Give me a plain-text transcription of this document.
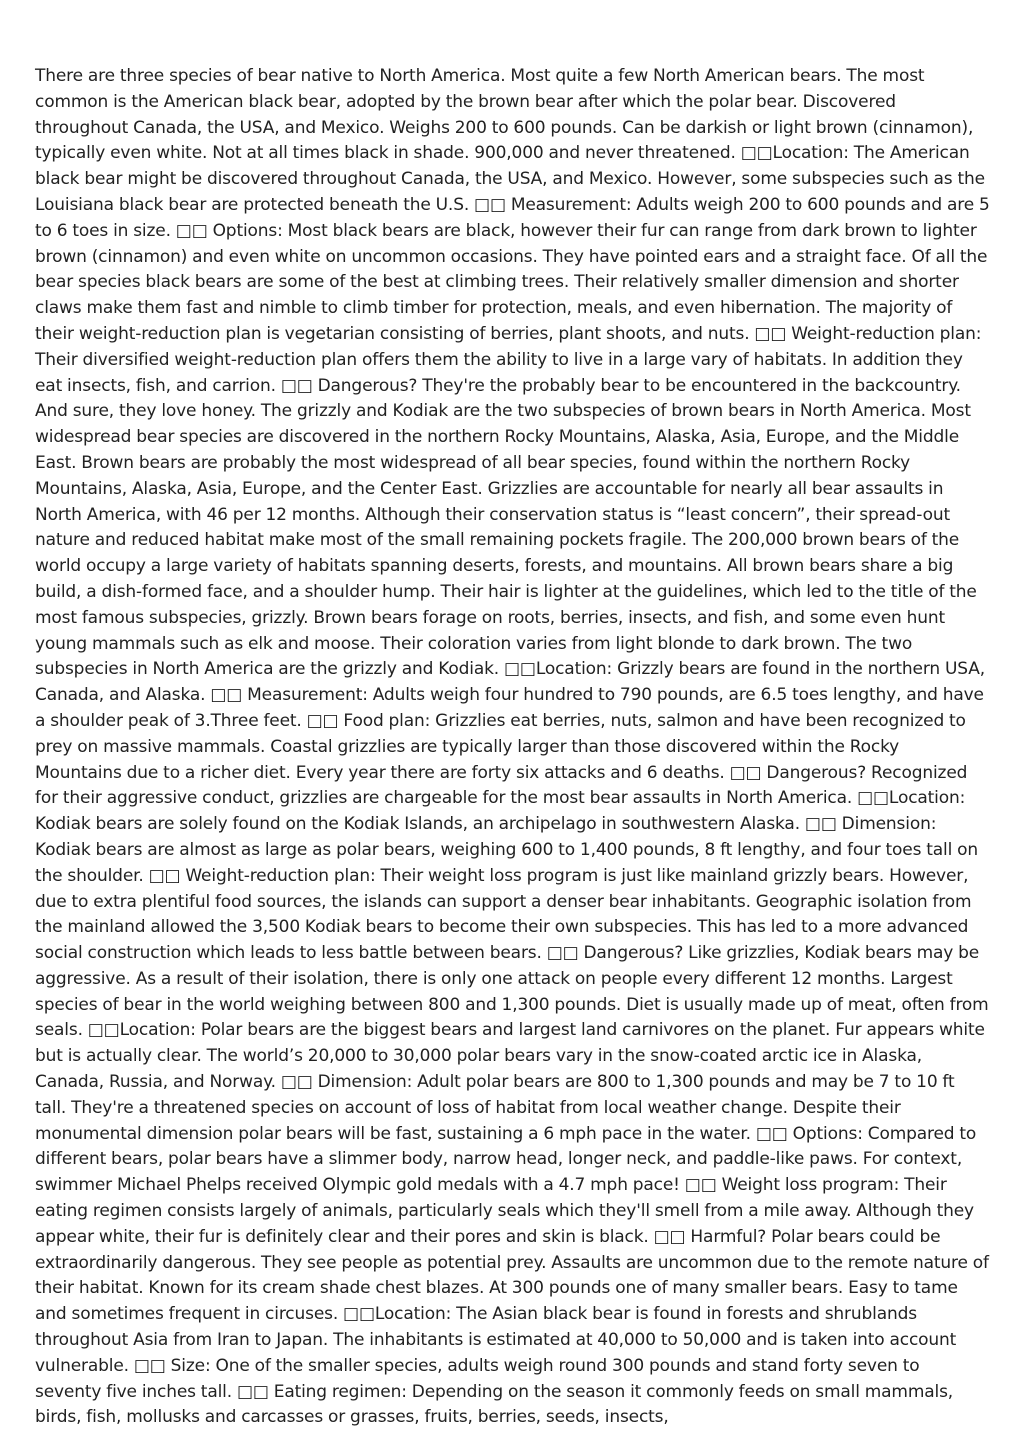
There are three species of bear native to North America. Most quite a few North American bears. The most common is the American black bear, adopted by the brown bear after which the polar bear. Discovered throughout Canada, the USA, and Mexico. Weighs 200 to 600 pounds. Can be darkish or light brown (cinnamon), typically even white. Not at all times black in shade. 900,000 and never threatened. □□Location: The American black bear might be discovered throughout Canada, the USA, and Mexico. However, some subspecies such as the Louisiana black bear are protected beneath the U.S. □□ Measurement: Adults weigh 200 to 600 pounds and are 5 to 6 toes in size. □□ Options: Most black bears are black, however their fur can range from dark brown to lighter brown (cinnamon) and even white on uncommon occasions. They have pointed ears and a straight face. Of all the bear species black bears are some of the best at climbing trees. Their relatively smaller dimension and shorter claws make them fast and nimble to climb timber for protection, meals, and even hibernation. The majority of their weight-reduction plan is vegetarian consisting of berries, plant shoots, and nuts. □□ Weight-reduction plan: Their diversified weight-reduction plan offers them the ability to live in a large vary of habitats. In addition they eat insects, fish, and carrion. □□ Dangerous? They're the probably bear to be encountered in the backcountry. And sure, they love honey. The grizzly and Kodiak are the two subspecies of brown bears in North America. Most widespread bear species are discovered in the northern Rocky Mountains, Alaska, Asia, Europe, and the Middle East. Brown bears are probably the most widespread of all bear species, found within the northern Rocky Mountains, Alaska, Asia, Europe, and the Center East. Grizzlies are accountable for nearly all bear assaults in North America, with 46 per 12 months. Although their conservation status is “least concern”, their spread-out nature and reduced habitat make most of the small remaining pockets fragile. The 200,000 brown bears of the world occupy a large variety of habitats spanning deserts, forests, and mountains. All brown bears share a big build, a dish-formed face, and a shoulder hump. Their hair is lighter at the guidelines, which led to the title of the most famous subspecies, grizzly. Brown bears forage on roots, berries, insects, and fish, and some even hunt young mammals such as elk and moose. Their coloration varies from light blonde to dark brown. The two subspecies in North America are the grizzly and Kodiak. □□Location: Grizzly bears are found in the northern USA, Canada, and Alaska. □□ Measurement: Adults weigh four hundred to 790 pounds, are 6.5 toes lengthy, and have a shoulder peak of 3.Three feet. □□ Food plan: Grizzlies eat berries, nuts, salmon and have been recognized to prey on massive mammals. Coastal grizzlies are typically larger than those discovered within the Rocky Mountains due to a richer diet. Every year there are forty six attacks and 6 deaths. □□ Dangerous? Recognized for their aggressive conduct, grizzlies are chargeable for the most bear assaults in North America. □□Location: Kodiak bears are solely found on the Kodiak Islands, an archipelago in southwestern Alaska. □□ Dimension: Kodiak bears are almost as large as polar bears, weighing 600 to 1,400 pounds, 8 ft lengthy, and four toes tall on the shoulder. □□ Weight-reduction plan: Their weight loss program is just like mainland grizzly bears. However, due to extra plentiful food sources, the islands can support a denser bear inhabitants. Geographic isolation from the mainland allowed the 3,500 Kodiak bears to become their own subspecies. This has led to a more advanced social construction which leads to less battle between bears. □□ Dangerous? Like grizzlies, Kodiak bears may be aggressive. As a result of their isolation, there is only one attack on people every different 12 months. Largest species of bear in the world weighing between 800 and 1,300 pounds. Diet is usually made up of meat, often from seals. □□Location: Polar bears are the biggest bears and largest land carnivores on the planet. Fur appears white but is actually clear. The world’s 20,000 to 30,000 polar bears vary in the snow-coated arctic ice in Alaska, Canada, Russia, and Norway. □□ Dimension: Adult polar bears are 800 to 1,300 pounds and may be 7 to 10 ft tall. They're a threatened species on account of loss of habitat from local weather change. Despite their monumental dimension polar bears will be fast, sustaining a 6 mph pace in the water. □□ Options: Compared to different bears, polar bears have a slimmer body, narrow head, longer neck, and paddle-like paws. For context, swimmer Michael Phelps received Olympic gold medals with a 4.7 mph pace! □□ Weight loss program: Their eating regimen consists largely of animals, particularly seals which they'll smell from a mile away. Although they appear white, their fur is definitely clear and their pores and skin is black. □□ Harmful? Polar bears could be extraordinarily dangerous. They see people as potential prey. Assaults are uncommon due to the remote nature of their habitat. Known for its cream shade chest blazes. At 300 pounds one of many smaller bears. Easy to tame and sometimes frequent in circuses. □□Location: The Asian black bear is found in forests and shrublands throughout Asia from Iran to Japan. The inhabitants is estimated at 40,000 to 50,000 and is taken into account vulnerable. □□ Size: One of the smaller species, adults weigh round 300 pounds and stand forty seven to seventy five inches tall. □□ Eating regimen: Depending on the season it commonly feeds on small mammals, birds, fish, mollusks and carcasses or grasses, fruits, berries, seeds, insects,
